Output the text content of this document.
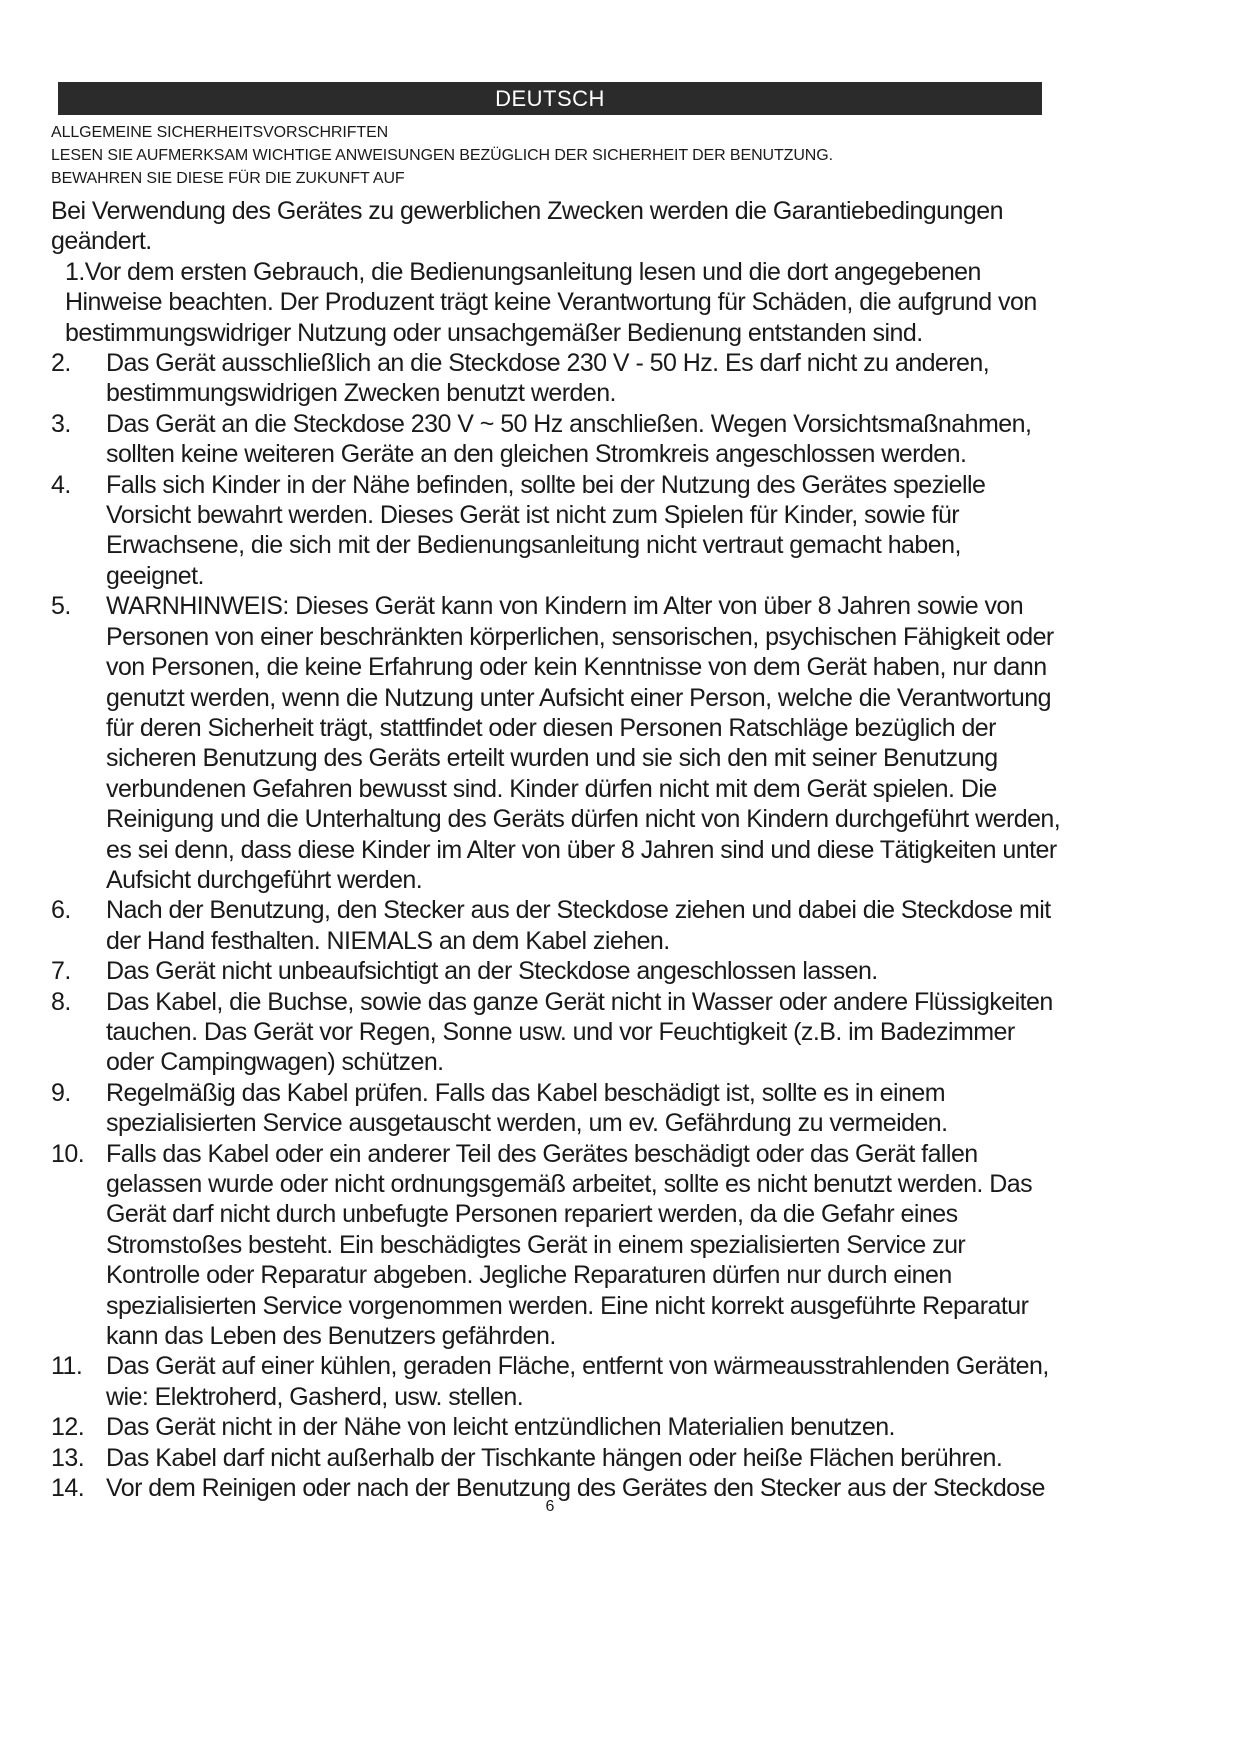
DEUTSCH
ALLGEMEINE SICHERHEITSVORSCHRIFTEN
LESEN SIE AUFMERKSAM WICHTIGE ANWEISUNGEN BEZÜGLICH DER SICHERHEIT DER BENUTZUNG.
BEWAHREN SIE DIESE FÜR DIE ZUKUNFT AUF
Bei Verwendung des Gerätes zu gewerblichen Zwecken werden die Garantiebedingungen geändert.
1.Vor dem ersten Gebrauch, die Bedienungsanleitung lesen und die dort angegebenen Hinweise beachten. Der Produzent trägt keine Verantwortung für Schäden, die aufgrund von bestimmungswidriger Nutzung oder unsachgemäßer Bedienung entstanden sind.
2. Das Gerät ausschließlich an die Steckdose 230 V - 50 Hz. Es darf nicht zu anderen, bestimmungswidrigen Zwecken benutzt werden.
3. Das Gerät an die Steckdose 230 V ~ 50 Hz anschließen. Wegen Vorsichtsmaßnahmen, sollten keine weiteren Geräte an den gleichen Stromkreis angeschlossen werden.
4. Falls sich Kinder in der Nähe befinden, sollte bei der Nutzung des Gerätes spezielle Vorsicht bewahrt werden. Dieses Gerät ist nicht zum Spielen für Kinder, sowie für Erwachsene, die sich mit der Bedienungsanleitung nicht vertraut gemacht haben, geeignet.
5. WARNHINWEIS: Dieses Gerät kann von Kindern im Alter von über 8 Jahren sowie von Personen von einer beschränkten körperlichen, sensorischen, psychischen Fähigkeit oder von Personen, die keine Erfahrung oder kein Kenntnisse von dem Gerät haben, nur dann genutzt werden, wenn die Nutzung unter Aufsicht einer Person, welche die Verantwortung für deren Sicherheit trägt, stattfindet oder diesen Personen Ratschläge bezüglich der sicheren Benutzung des Geräts erteilt wurden und sie sich den mit seiner Benutzung verbundenen Gefahren bewusst sind. Kinder dürfen nicht mit dem Gerät spielen. Die Reinigung und die Unterhaltung des Geräts dürfen nicht von Kindern durchgeführt werden, es sei denn, dass diese Kinder im Alter von über 8 Jahren sind und diese Tätigkeiten unter Aufsicht durchgeführt werden.
6. Nach der Benutzung, den Stecker aus der Steckdose ziehen und dabei die Steckdose mit der Hand festhalten. NIEMALS an dem Kabel ziehen.
7. Das Gerät nicht unbeaufsichtigt an der Steckdose angeschlossen lassen.
8. Das Kabel, die Buchse, sowie das ganze Gerät nicht in Wasser oder andere Flüssigkeiten tauchen. Das Gerät vor Regen, Sonne usw. und vor Feuchtigkeit (z.B. im Badezimmer oder Campingwagen) schützen.
9. Regelmäßig das Kabel prüfen. Falls das Kabel beschädigt ist, sollte es in einem spezialisierten Service ausgetauscht werden, um ev. Gefährdung zu vermeiden.
10. Falls das Kabel oder ein anderer Teil des Gerätes beschädigt oder das Gerät fallen gelassen wurde oder nicht ordnungsgemäß arbeitet, sollte es nicht benutzt werden. Das Gerät darf nicht durch unbefugte Personen repariert werden, da die Gefahr eines Stromstoßes besteht. Ein beschädigtes Gerät in einem spezialisierten Service zur Kontrolle oder Reparatur abgeben. Jegliche Reparaturen dürfen nur durch einen spezialisierten Service vorgenommen werden. Eine nicht korrekt ausgeführte Reparatur kann das Leben des Benutzers gefährden.
11. Das Gerät auf einer kühlen, geraden Fläche, entfernt von wärmeausstrahlenden Geräten, wie: Elektroherd, Gasherd, usw. stellen.
12. Das Gerät nicht in der Nähe von leicht entzündlichen Materialien benutzen.
13. Das Kabel darf nicht außerhalb der Tischkante hängen oder heiße Flächen berühren.
14. Vor dem Reinigen oder nach der Benutzung des Gerätes den Stecker aus der Steckdose
6
